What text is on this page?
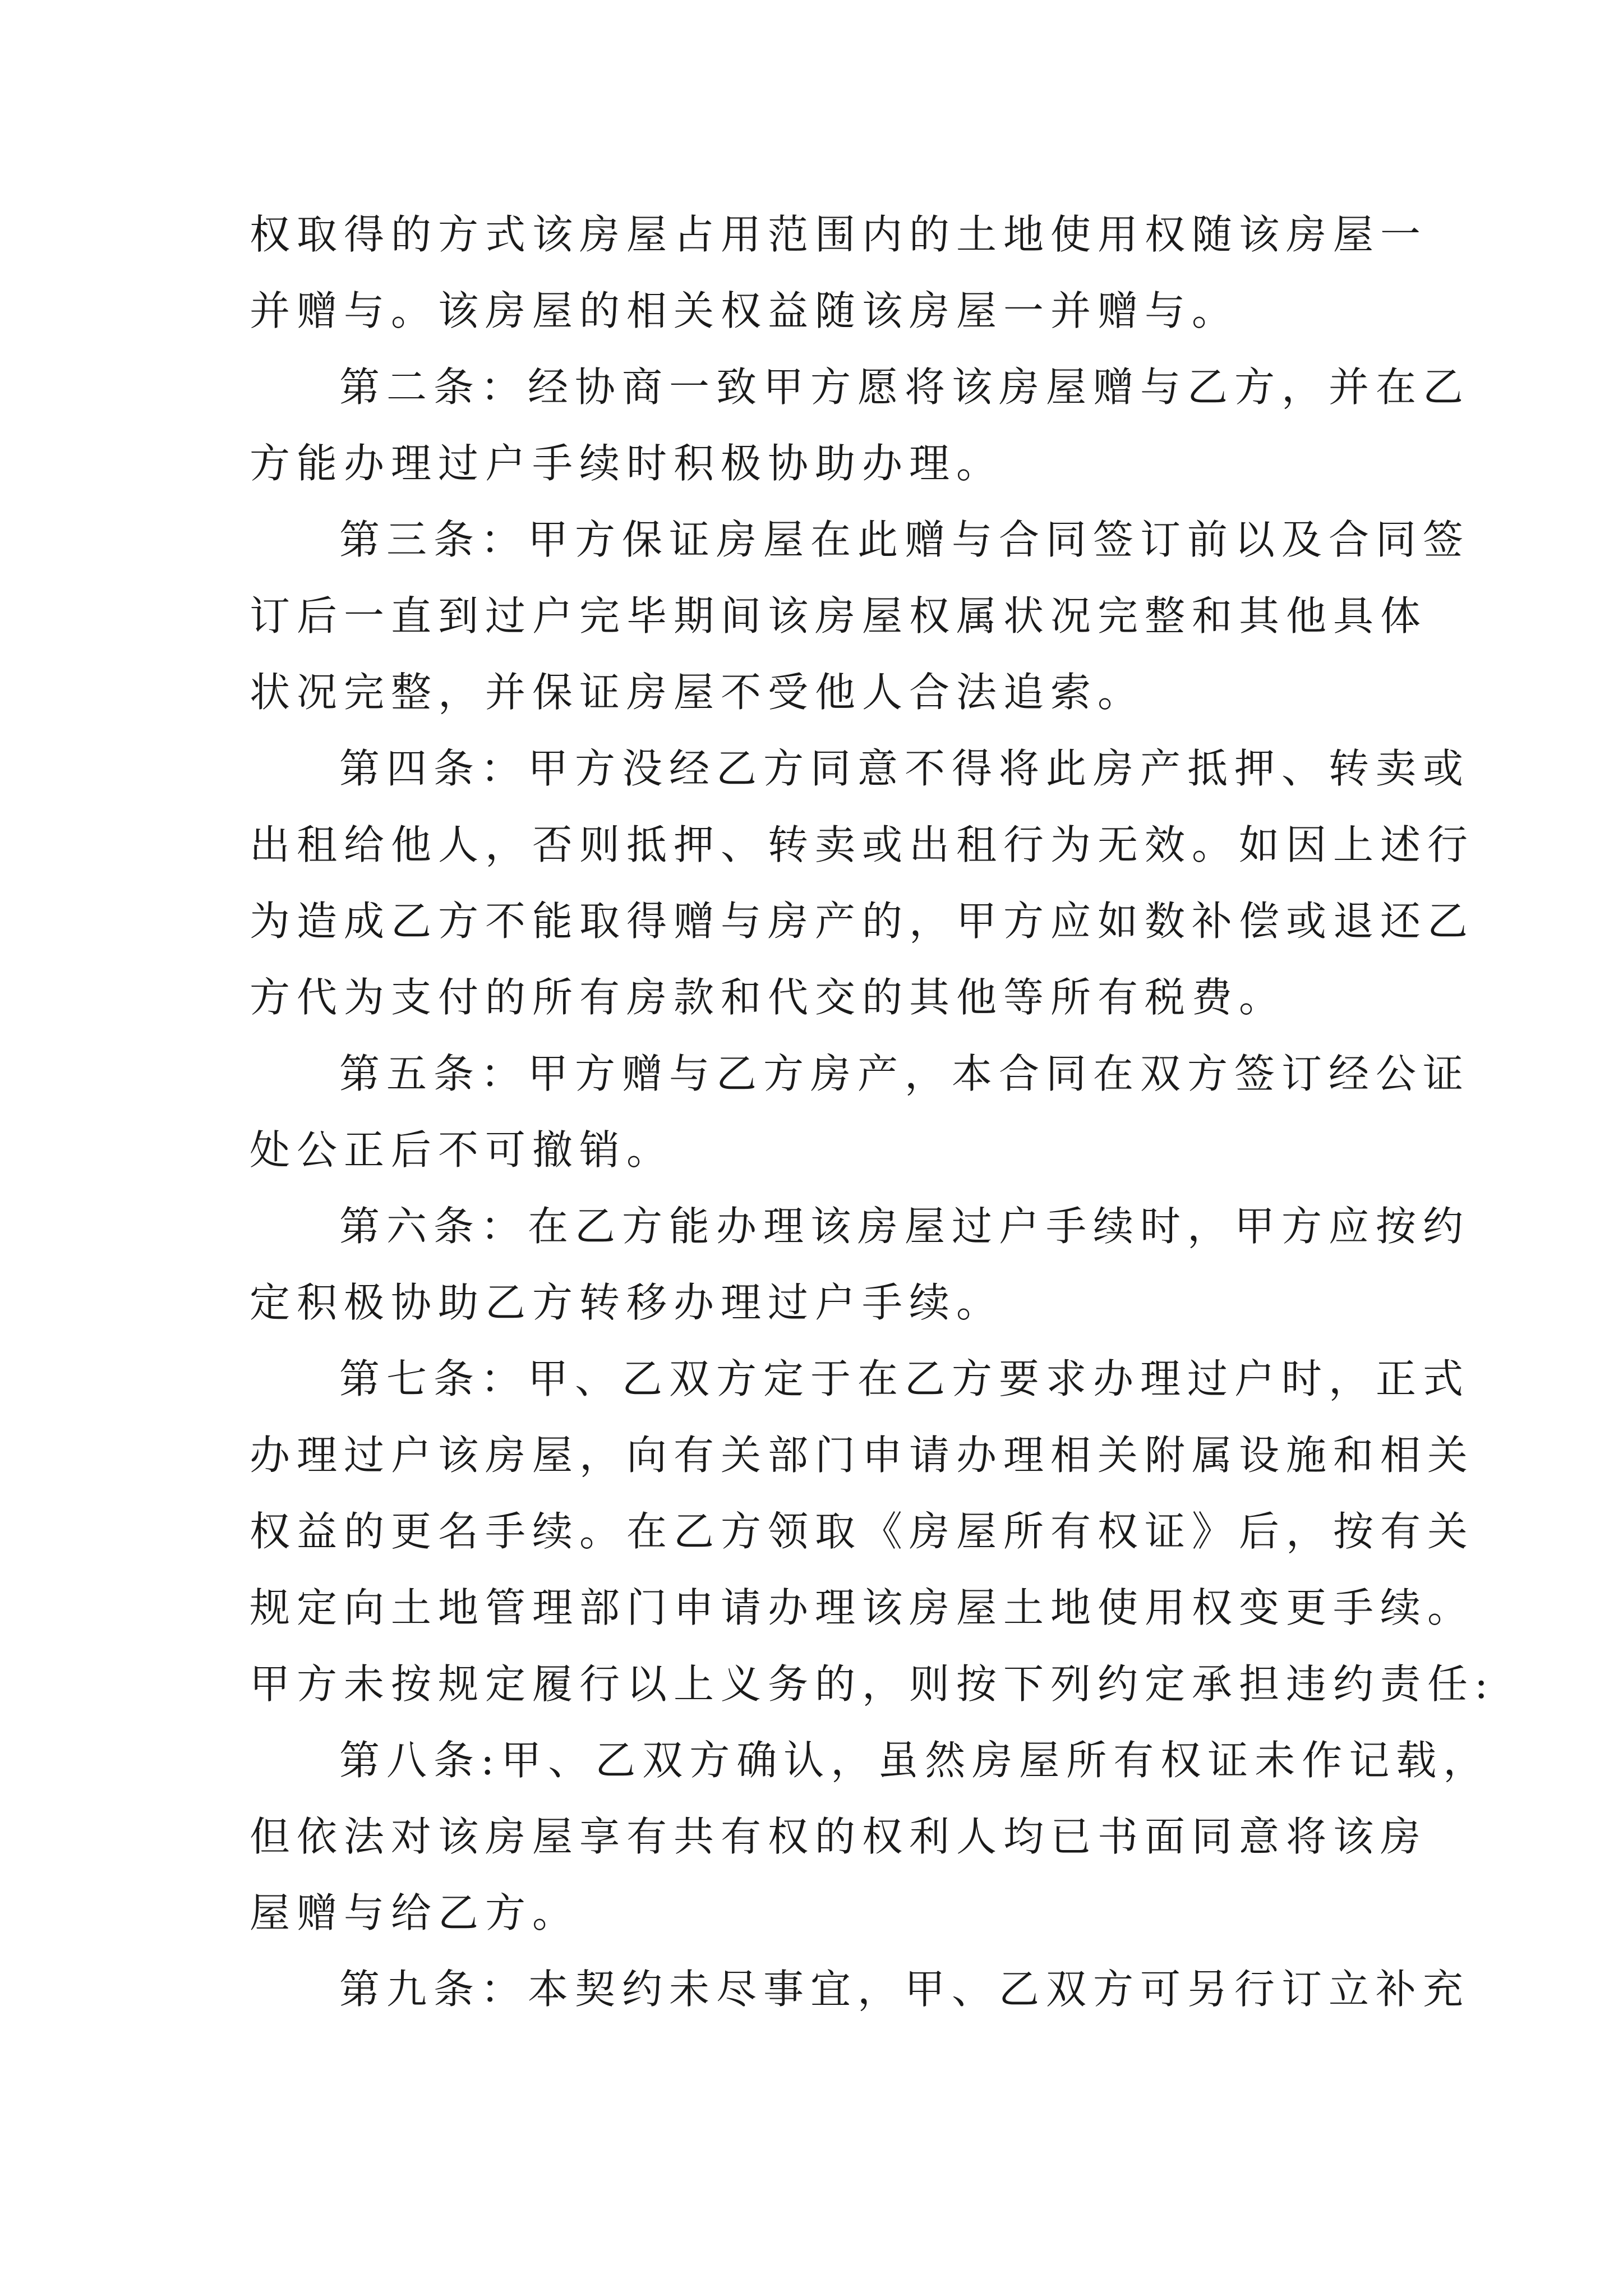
权取得的方式该房屋占用范围内的土地使用权随该房屋一
并赠与。该房屋的相关权益随该房屋一并赠与。
第二条：经协商一致甲方愿将该房屋赠与乙方，并在乙
方能办理过户手续时积极协助办理。
第三条：甲方保证房屋在此赠与合同签订前以及合同签
订后一直到过户完毕期间该房屋权属状况完整和其他具体
状况完整，并保证房屋不受他人合法追索。
第四条：甲方没经乙方同意不得将此房产抵押、转卖或
出租给他人，否则抵押、转卖或出租行为无效。如因上述行
为造成乙方不能取得赠与房产的，甲方应如数补偿或退还乙
方代为支付的所有房款和代交的其他等所有税费。
第五条：甲方赠与乙方房产，本合同在双方签订经公证
处公正后不可撤销。
第六条：在乙方能办理该房屋过户手续时，甲方应按约
定积极协助乙方转移办理过户手续。
第七条：甲、乙双方定于在乙方要求办理过户时，正式
办理过户该房屋，向有关部门申请办理相关附属设施和相关
权益的更名手续。在乙方领取《房屋所有权证》后，按有关
规定向土地管理部门申请办理该房屋土地使用权变更手续。
甲方未按规定履行以上义务的，则按下列约定承担违约责任:
第八条:甲、乙双方确认，虽然房屋所有权证未作记载，
但依法对该房屋享有共有权的权利人均已书面同意将该房
屋赠与给乙方。
第九条：本契约未尽事宜，甲、乙双方可另行订立补充
